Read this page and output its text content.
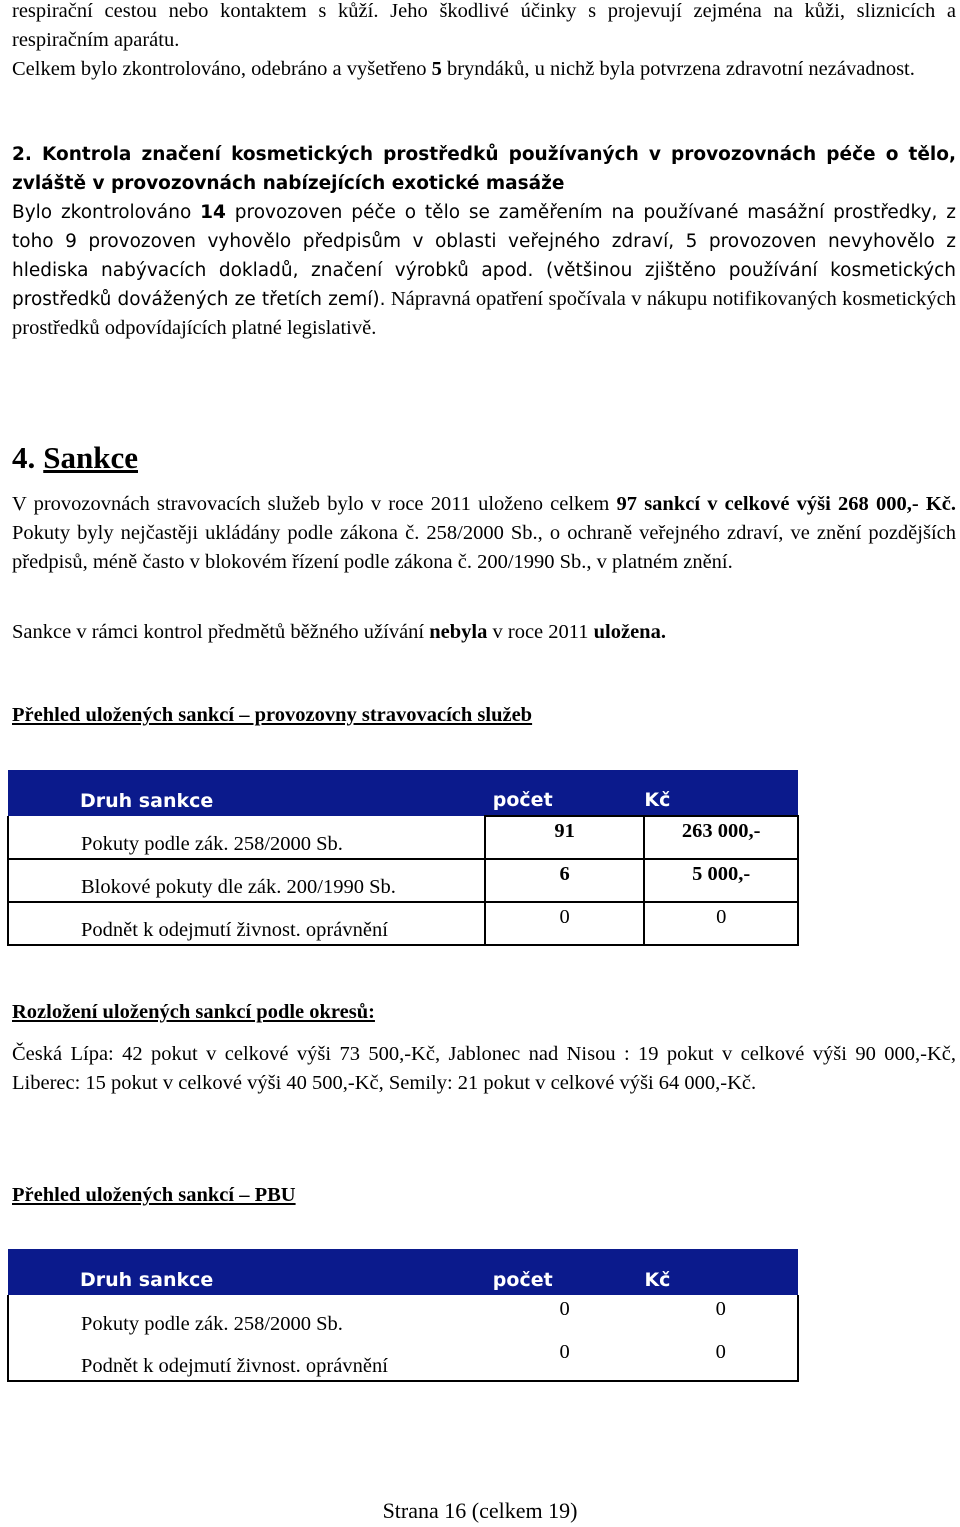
respirační cestou nebo kontaktem s kůží. Jeho škodlivé účinky s projevují zejména na kůži, sliznicích a respiračním aparátu.

Celkem bylo zkontrolováno, odebráno a vyšetřeno 5 bryndáků, u nichž byla potvrzena zdravotní nezávadnost.

2. Kontrola značení kosmetických prostředků používaných v provozovnách péče o tělo, zvláště v provozovnách nabízejících exotické masáže

Bylo zkontrolováno 14 provozoven péče o tělo se zaměřením na používané masážní prostředky, z toho 9 provozoven vyhovělo předpisům v oblasti veřejného zdraví, 5 provozoven nevyhovělo z hlediska nabývacích dokladů, značení výrobků apod. (většinou zjištěno používání kosmetických prostředků dovážených ze třetích zemí). Nápravná opatření spočívala v nákupu notifikovaných kosmetických prostředků odpovídajících platné legislativě.

4. Sankce

V provozovnách stravovacích služeb bylo v roce 2011 uloženo celkem 97 sankcí v celkové výši 268 000,- Kč. Pokuty byly nejčastěji ukládány podle zákona č. 258/2000 Sb., o ochraně veřejného zdraví, ve znění pozdějších předpisů, méně často v blokovém řízení podle zákona č. 200/1990 Sb., v platném znění.

Sankce v rámci kontrol předmětů běžného užívání nebyla v roce 2011 uložena.

Přehled uložených sankcí – provozovny stravovacích služeb

Druh sankce	počet	Kč
Pokuty podle zák. 258/2000 Sb.	91	263 000,-
Blokové pokuty dle zák. 200/1990 Sb.	6	5 000,-
Podnět k odejmutí živnost. oprávnění	0	0

Rozložení uložených sankcí podle okresů:

Česká Lípa: 42 pokut v celkové výši 73 500,-Kč, Jablonec nad Nisou : 19 pokut v celkové výši 90 000,-Kč, Liberec: 15 pokut v celkové výši 40 500,-Kč, Semily: 21 pokut v celkové výši 64 000,-Kč.

Přehled uložených sankcí – PBU

Druh sankce	počet	Kč
Pokuty podle zák. 258/2000 Sb.	0	0
Podnět k odejmutí živnost. oprávnění	0	0
Strana 16 (celkem 19)
